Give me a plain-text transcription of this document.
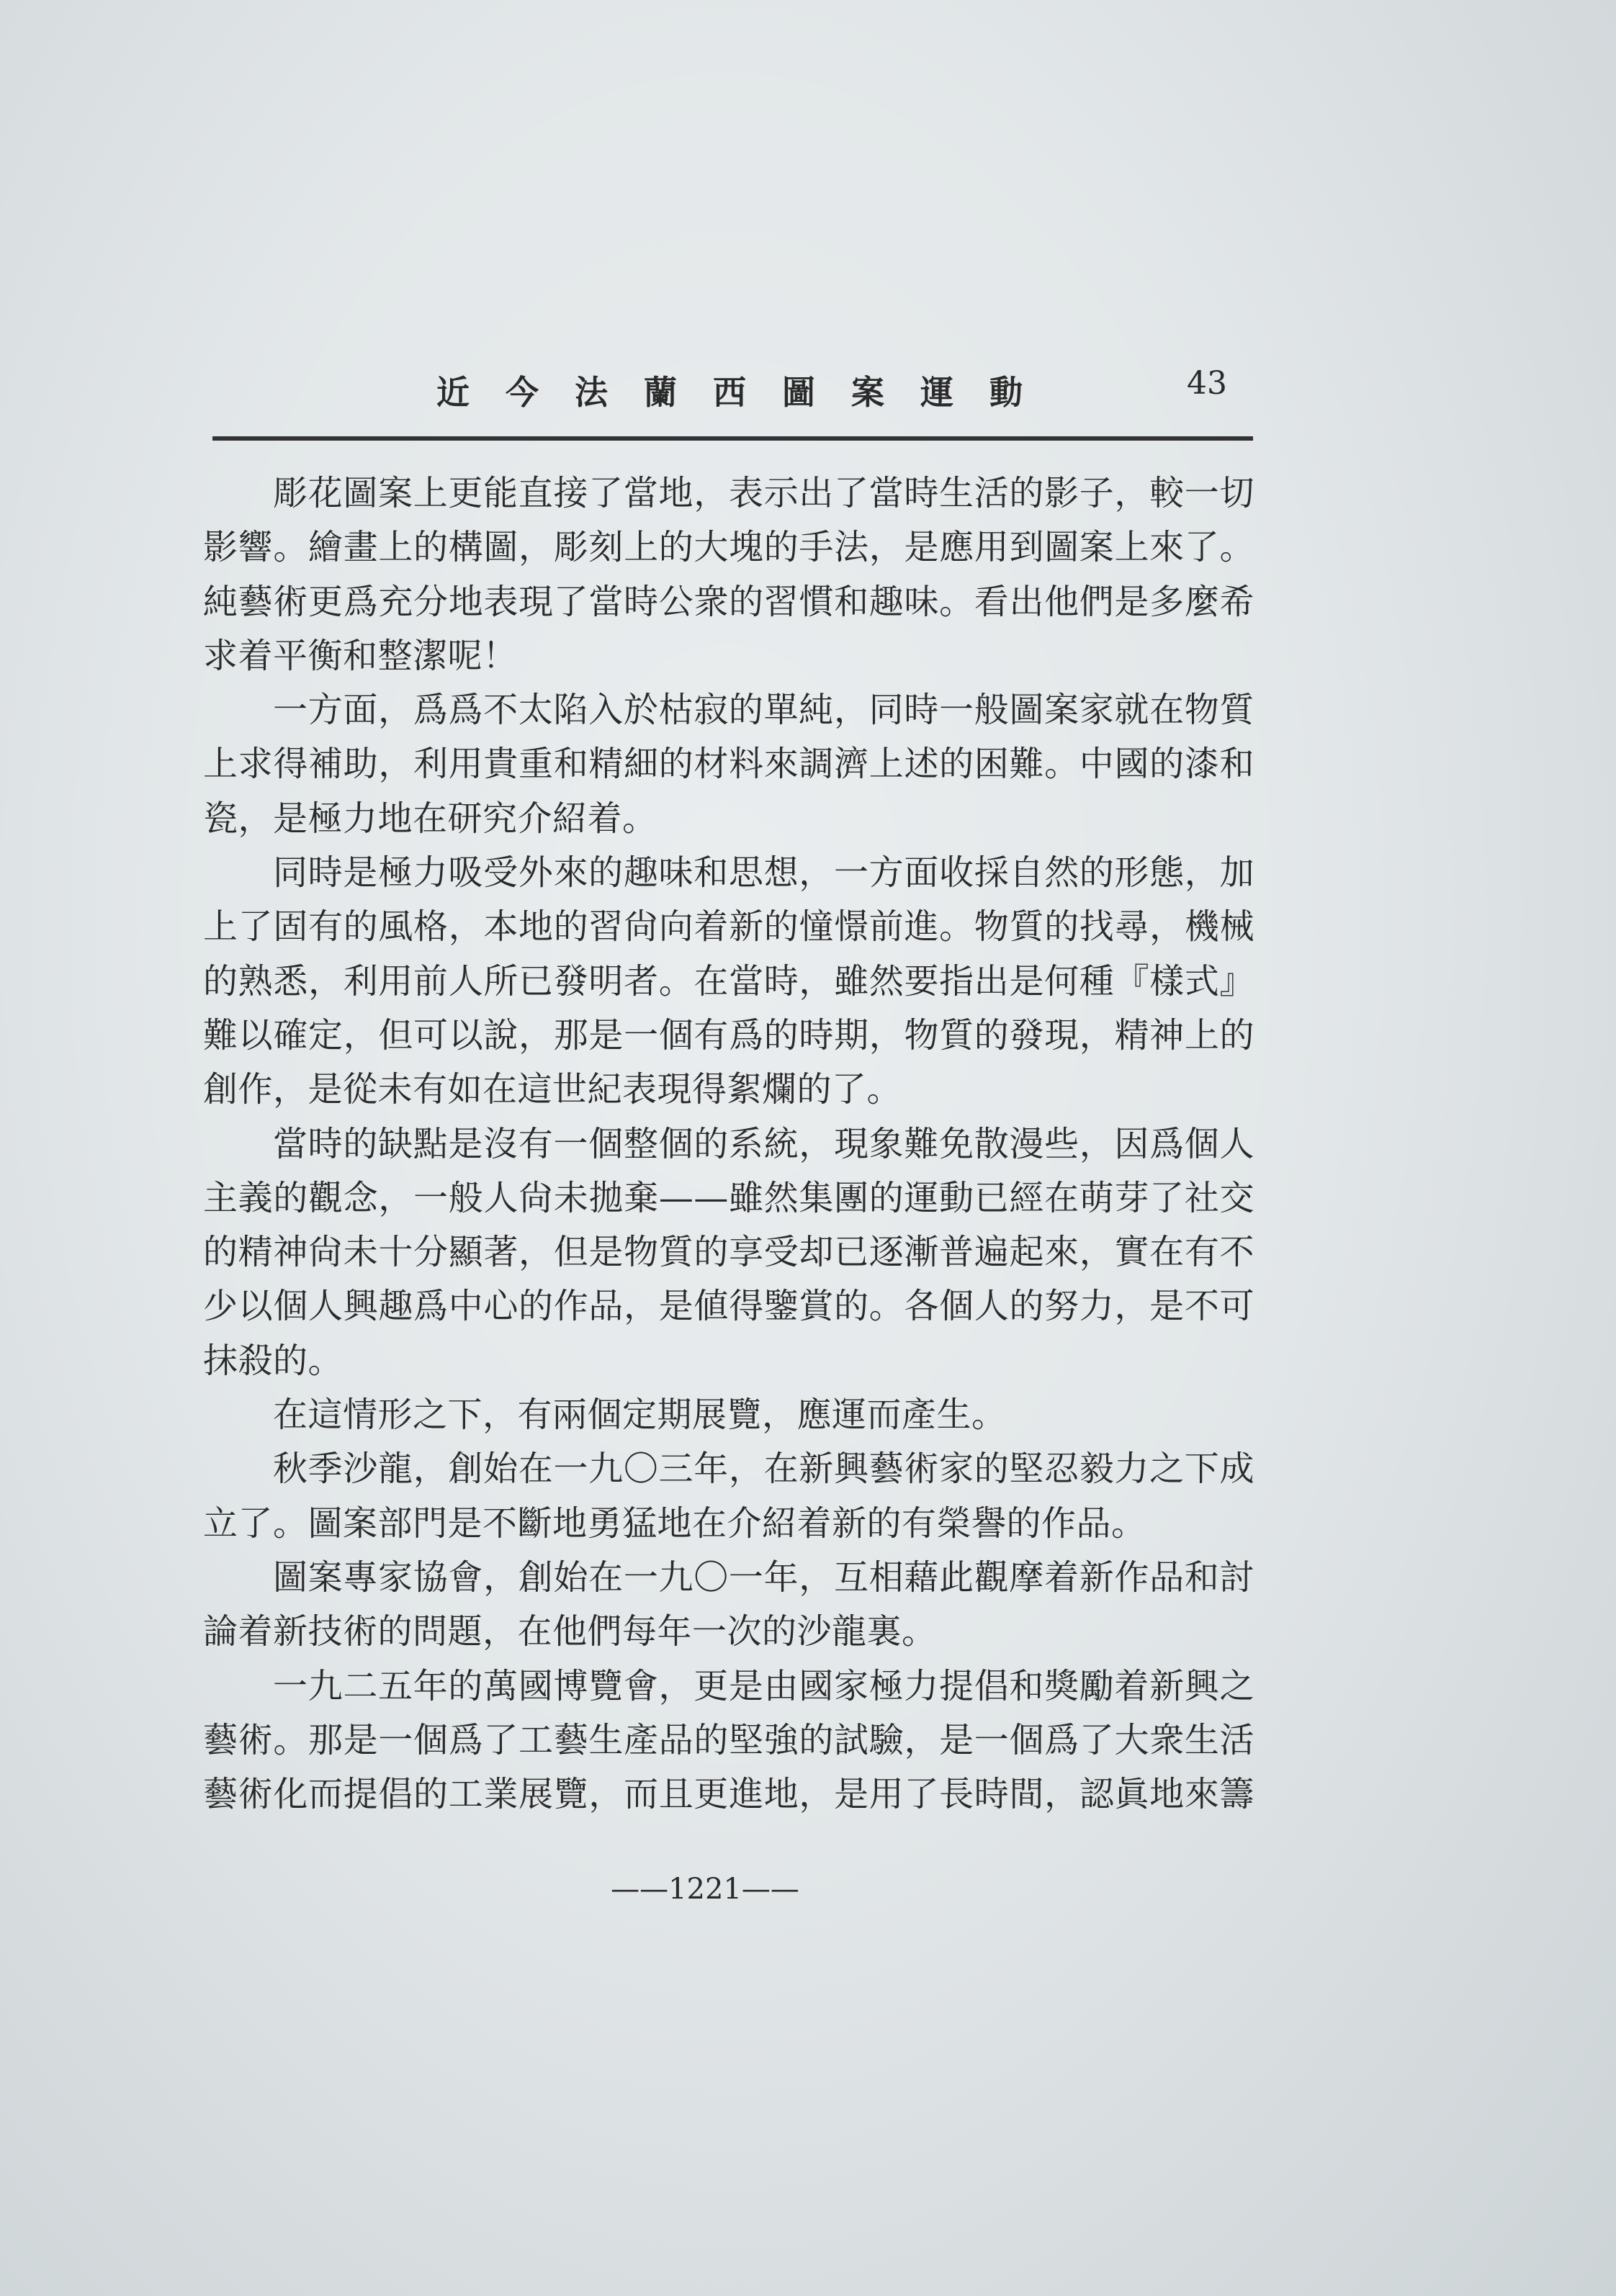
近今法蘭西圖案運動	43
彫花圖案上更能直接了當地，表示出了當時生活的影子，較一切
影響。繪畫上的構圖，彫刻上的大塊的手法，是應用到圖案上來了。
純藝術更爲充分地表現了當時公衆的習慣和趣味。看出他們是多麼希
求着平衡和整潔呢！
一方面，爲爲不太陷入於枯寂的單純，同時一般圖案家就在物質
上求得補助，利用貴重和精細的材料來調濟上述的困難。中國的漆和
瓷，是極力地在研究介紹着。
同時是極力吸受外來的趣味和思想，一方面收採自然的形態，加
上了固有的風格，本地的習尙向着新的憧憬前進。物質的找尋，機械
的熟悉，利用前人所已發明者。在當時，雖然要指出是何種『樣式』
難以確定，但可以說，那是一個有爲的時期，物質的發現，精神上的
創作，是從未有如在這世紀表現得絮爛的了。
當時的缺點是沒有一個整個的系統，現象難免散漫些，因爲個人
主義的觀念，一般人尙未拋棄——雖然集團的運動已經在萌芽了社交
的精神尙未十分顯著，但是物質的享受却已逐漸普遍起來，實在有不
少以個人興趣爲中心的作品，是値得鑒賞的。各個人的努力，是不可
抹殺的。
在這情形之下，有兩個定期展覽，應運而產生。
秋季沙龍，創始在一九〇三年，在新興藝術家的堅忍毅力之下成
立了。圖案部門是不斷地勇猛地在介紹着新的有榮譽的作品。
圖案專家協會，創始在一九〇一年，互相藉此觀摩着新作品和討
論着新技術的問題，在他們每年一次的沙龍裏。
一九二五年的萬國博覽會，更是由國家極力提倡和獎勵着新興之
藝術。那是一個爲了工藝生產品的堅強的試驗，是一個爲了大衆生活
藝術化而提倡的工業展覽，而且更進地，是用了長時間，認眞地來籌
——1221——
